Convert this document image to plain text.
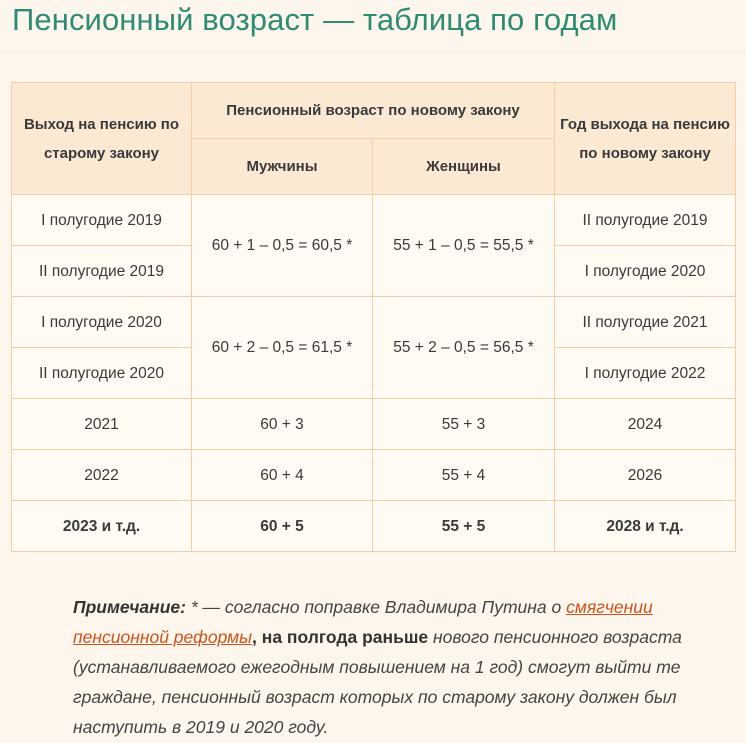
Пенсионный возраст — таблица по годам
Выход на пенсию по старому закону	Пенсионный возраст по новому закону		Год выхода на пенсию по новому закону
	Мужчины	Женщины	
I полугодие 2019	60 + 1 – 0,5 = 60,5 *	55 + 1 – 0,5 = 55,5 *	II полугодие 2019
II полугодие 2019			I полугодие 2020
I полугодие 2020	60 + 2 – 0,5 = 61,5 *	55 + 2 – 0,5 = 56,5 *	II полугодие 2021
II полугодие 2020			I полугодие 2022
2021	60 + 3	55 + 3	2024
2022	60 + 4	55 + 4	2026
2023 и т.д.	60 + 5	55 + 5	2028 и т.д.
Примечание: * — согласно поправке Владимира Путина о смягчении пенсионной реформы, на полгода раньше нового пенсионного возраста (устанавливаемого ежегодным повышением на 1 год) смогут выйти те граждане, пенсионный возраст которых по старому закону должен был наступить в 2019 и 2020 году.
